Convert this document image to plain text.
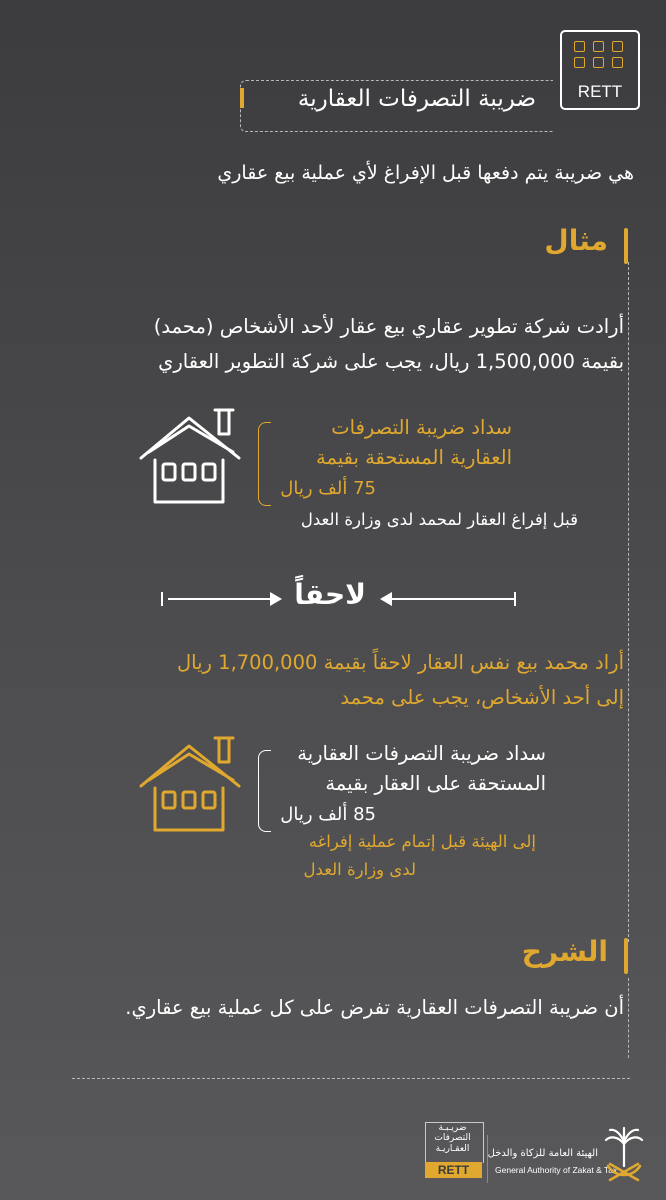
ضريبة التصرفات العقارية	RETT
هي ضريبة يتم دفعها قبل الإفراغ لأي عملية بيع عقاري
مثال
أرادت شركة تطوير عقاري بيع عقار لأحد الأشخاص (محمد)
بقيمة 1,500,000 ريال، يجب على شركة التطوير العقاري
سداد ضريبة التصرفات
العقارية المستحقة بقيمة
75 ألف ريال
قبل إفراغ العقار لمحمد لدى وزارة العدل
لاحقاً
أراد محمد بيع نفس العقار لاحقاً بقيمة 1,700,000 ريال
إلى أحد الأشخاص، يجب على محمد
سداد ضريبة التصرفات العقارية
المستحقة على العقار بقيمة
85 ألف ريال
إلى الهيئة قبل إتمام عملية إفراغه
لدى وزارة العدل
الشرح
أن ضريبة التصرفات العقارية تفرض على كل عملية بيع عقاري.
ضريـبـة
التصرفات
العقـاريـة
RETT
الهيئة العامة للزكاة والدخل
General Authority of Zakat & Tax
